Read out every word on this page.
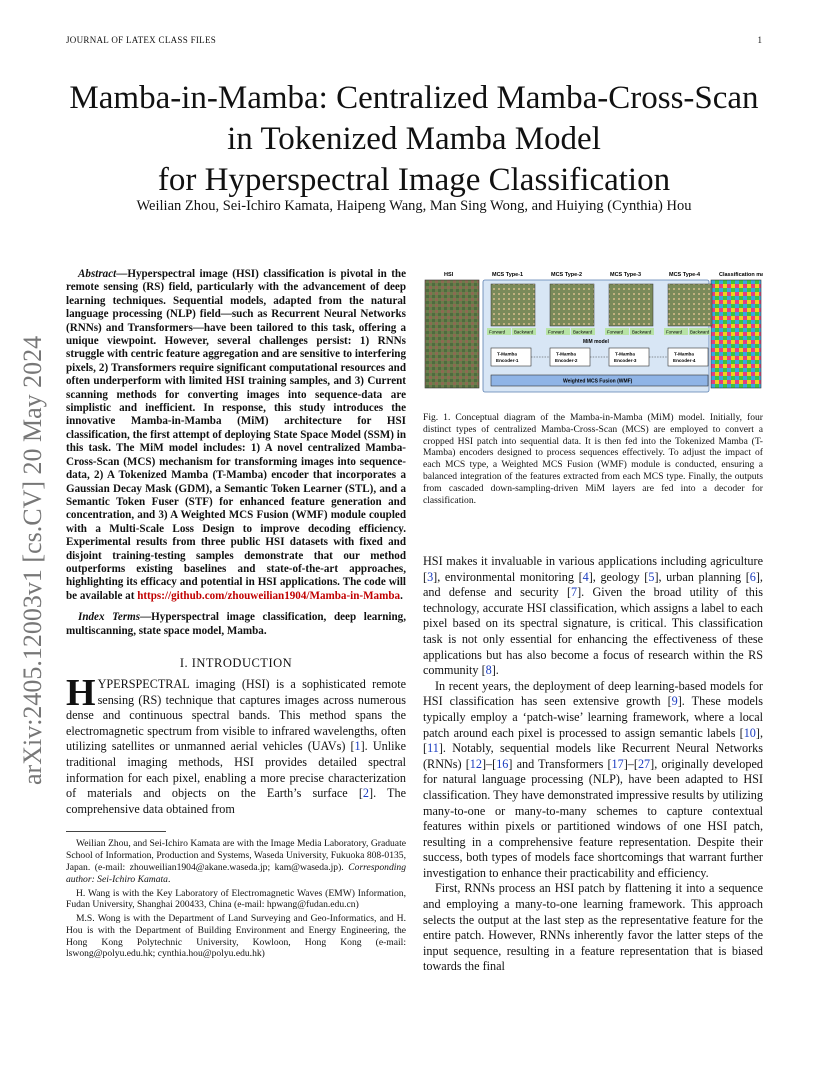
JOURNAL OF LATEX CLASS FILES	1
arXiv:2405.12003v1 [cs.CV] 20 May 2024
Mamba-in-Mamba: Centralized Mamba-Cross-Scan
in Tokenized Mamba Model
for Hyperspectral Image Classification
Weilian Zhou, Sei-Ichiro Kamata, Haipeng Wang, Man Sing Wong, and Huiying (Cynthia) Hou

Abstract—Hyperspectral image (HSI) classification is pivotal in the remote sensing (RS) field, particularly with the advancement of deep learning techniques. Sequential models, adapted from the natural language processing (NLP) field—such as Recurrent Neural Networks (RNNs) and Transformers—have been tailored to this task, offering a unique viewpoint. However, several challenges persist: 1) RNNs struggle with centric feature aggregation and are sensitive to interfering pixels, 2) Transformers require significant computational resources and often underperform with limited HSI training samples, and 3) Current scanning methods for converting images into sequence-data are simplistic and inefficient. In response, this study introduces the innovative Mamba-in-Mamba (MiM) architecture for HSI classification, the first attempt of deploying State Space Model (SSM) in this task. The MiM model includes: 1) A novel centralized Mamba-Cross-Scan (MCS) mechanism for transforming images into sequence-data, 2) A Tokenized Mamba (T-Mamba) encoder that incorporates a Gaussian Decay Mask (GDM), a Semantic Token Learner (STL), and a Semantic Token Fuser (STF) for enhanced feature generation and concentration, and 3) A Weighted MCS Fusion (WMF) module coupled with a Multi-Scale Loss Design to improve decoding efficiency. Experimental results from three public HSI datasets with fixed and disjoint training-testing samples demonstrate that our method outperforms existing baselines and state-of-the-art approaches, highlighting its efficacy and potential in HSI applications. The code will be available at https://github.com/zhouweilian1904/Mamba-in-Mamba.

Index Terms—Hyperspectral image classification, deep learning, multiscanning, state space model, Mamba.

I. INTRODUCTION

HYPERSPECTRAL imaging (HSI) is a sophisticated remote sensing (RS) technique that captures images across numerous dense and continuous spectral bands. This method spans the electromagnetic spectrum from visible to infrared wavelengths, often utilizing satellites or unmanned aerial vehicles (UAVs) [1]. Unlike traditional imaging methods, HSI provides detailed spectral information for each pixel, enabling a more precise characterization of materials and objects on the Earth’s surface [2]. The comprehensive data obtained from

Weilian Zhou, and Sei-Ichiro Kamata are with the Image Media Laboratory, Graduate School of Information, Production and Systems, Waseda University, Fukuoka 808-0135, Japan. (e-mail: zhouweilian1904@akane.waseda.jp; kam@waseda.jp). Corresponding author: Sei-Ichiro Kamata.

H. Wang is with the Key Laboratory of Electromagnetic Waves (EMW) Information, Fudan University, Shanghai 200433, China (e-mail: hpwang@fudan.edu.cn)

M.S. Wong is with the Department of Land Surveying and Geo-Informatics, and H. Hou is with the Department of Building Environment and Energy Engineering, the Hong Kong Polytechnic University, Kowloon, Hong Kong (e-mail: lswong@polyu.edu.hk; cynthia.hou@polyu.edu.hk)

HSI	MCS Type-1	MCS Type-2	MCS Type-3	MCS Type-4	Classification map
Forward Backward	Forward Backward	Forward Backward	Forward Backward
MiM model
T-Mamba
Encoder-1
T-Mamba
Encoder-2
T-Mamba
Encoder-3
T-Mamba
Encoder-4
Weighted MCS Fusion (WMF)

Fig. 1. Conceptual diagram of the Mamba-in-Mamba (MiM) model. Initially, four distinct types of centralized Mamba-Cross-Scan (MCS) are employed to convert a cropped HSI patch into sequential data. It is then fed into the Tokenized Mamba (T-Mamba) encoders designed to process sequences effectively. To adjust the impact of each MCS type, a Weighted MCS Fusion (WMF) module is conducted, ensuring a balanced integration of the features extracted from each MCS type. Finally, the outputs from cascaded down-sampling-driven MiM layers are fed into a decoder for classification.

HSI makes it invaluable in various applications including agriculture [3], environmental monitoring [4], geology [5], urban planning [6], and defense and security [7]. Given the broad utility of this technology, accurate HSI classification, which assigns a label to each pixel based on its spectral signature, is critical. This classification task is not only essential for enhancing the effectiveness of these applications but has also become a focus of research within the RS community [8].

In recent years, the deployment of deep learning-based models for HSI classification has seen extensive growth [9]. These models typically employ a ‘patch-wise’ learning framework, where a local patch around each pixel is processed to assign semantic labels [10], [11]. Notably, sequential models like Recurrent Neural Networks (RNNs) [12]–[16] and Transformers [17]–[27], originally developed for natural language processing (NLP), have been adapted to HSI classification. They have demonstrated impressive results by utilizing many-to-one or many-to-many schemes to capture contextual features within pixels or partitioned windows of one HSI patch, resulting in a comprehensive feature representation. Despite their success, both types of models face shortcomings that warrant further investigation to enhance their practicability and efficiency.

First, RNNs process an HSI patch by flattening it into a sequence and employing a many-to-one learning framework. This approach selects the output at the last step as the representative feature for the entire patch. However, RNNs inherently favor the latter steps of the input sequence, resulting in a feature representation that is biased towards the final
